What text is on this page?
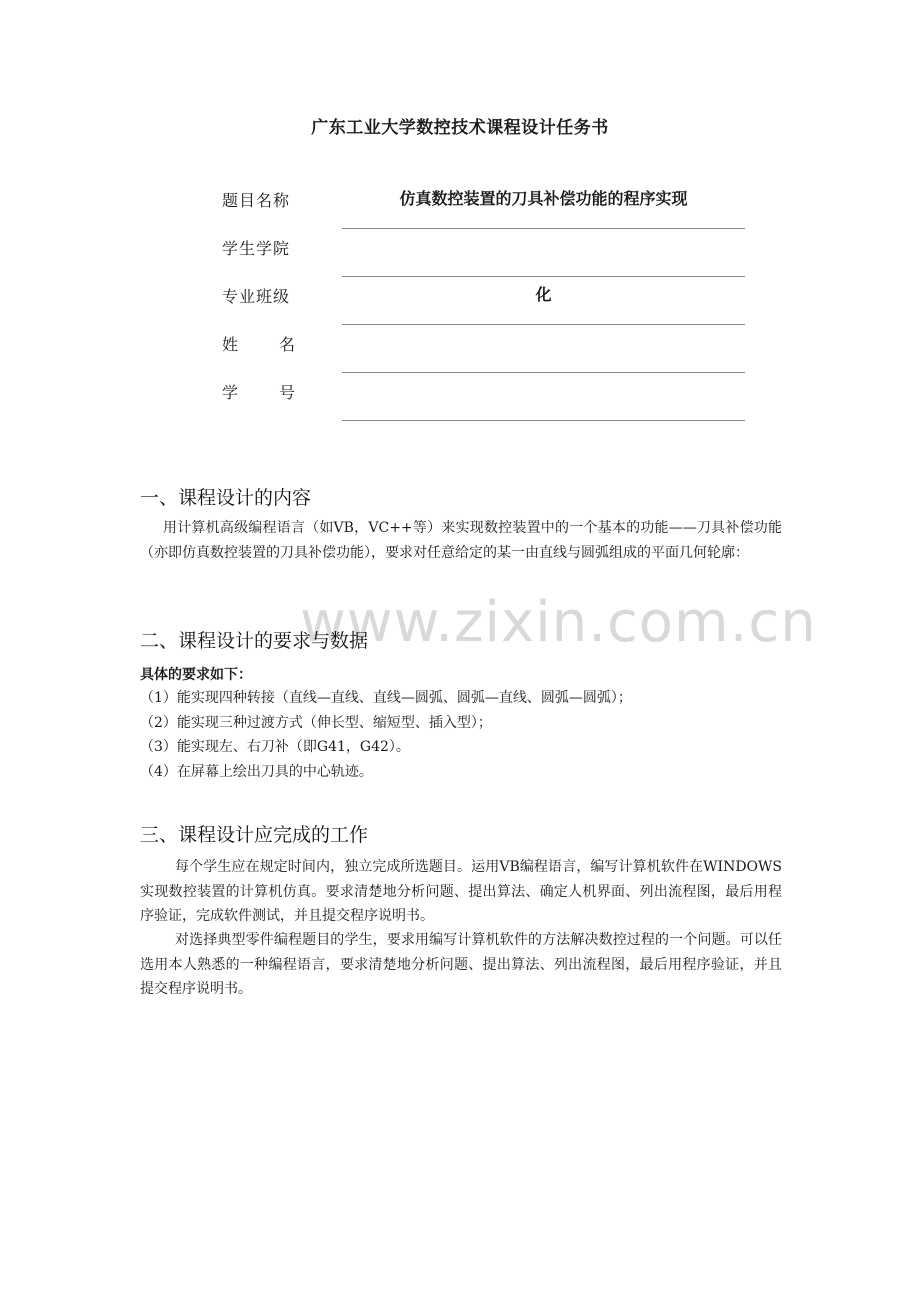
广东工业大学数控技术课程设计任务书
题目名称	仿真数控装置的刀具补偿功能的程序实现
学生学院
专业班级	化
姓 名
学 号
www.zixin.com.cn
一、课程设计的内容

用计算机高级编程语言（如VB，VC++等）来实现数控装置中的一个基本的功能——刀具补偿功能（亦即仿真数控装置的刀具补偿功能），要求对任意给定的某一由直线与圆弧组成的平面几何轮廓：

二、课程设计的要求与数据
具体的要求如下：
（1）能实现四种转接（直线—直线、直线—圆弧、圆弧—直线、圆弧—圆弧）；
（2）能实现三种过渡方式（伸长型、缩短型、插入型）；
（3）能实现左、右刀补（即G41，G42）。
（4）在屏幕上绘出刀具的中心轨迹。
三、课程设计应完成的工作

每个学生应在规定时间内，独立完成所选题目。运用VB编程语言，编写计算机软件在WINDOWS实现数控装置的计算机仿真。要求清楚地分析问题、提出算法、确定人机界面、列出流程图，最后用程序验证，完成软件测试，并且提交程序说明书。

对选择典型零件编程题目的学生，要求用编写计算机软件的方法解决数控过程的一个问题。可以任选用本人熟悉的一种编程语言，要求清楚地分析问题、提出算法、列出流程图，最后用程序验证，并且提交程序说明书。
